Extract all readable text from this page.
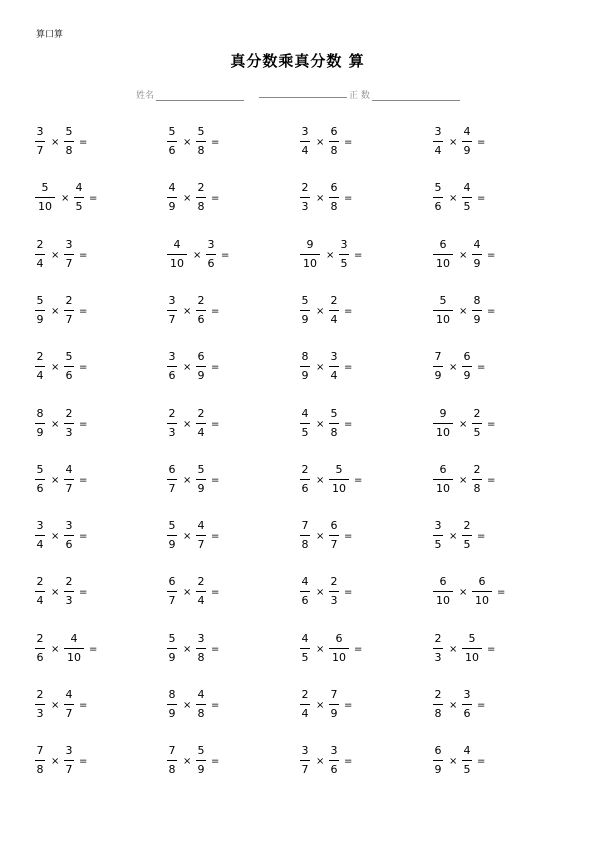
算口算
真分数乘真分数 算
姓名	正 数
3
7
×
5
8
=
5
6
×
5
8
=
3
4
×
6
8
=
3
4
×
4
9
=
5
10
×
4
5
=
4
9
×
2
8
=
2
3
×
6
8
=
5
6
×
4
5
=
2
4
×
3
7
=
4
10
×
3
6
=
9
10
×
3
5
=
6
10
×
4
9
=
5
9
×
2
7
=
3
7
×
2
6
=
5
9
×
2
4
=
5
10
×
8
9
=
2
4
×
5
6
=
3
6
×
6
9
=
8
9
×
3
4
=
7
9
×
6
9
=
8
9
×
2
3
=
2
3
×
2
4
=
4
5
×
5
8
=
9
10
×
2
5
=
5
6
×
4
7
=
6
7
×
5
9
=
2
6
×
5
10
=
6
10
×
2
8
=
3
4
×
3
6
=
5
9
×
4
7
=
7
8
×
6
7
=
3
5
×
2
5
=
2
4
×
2
3
=
6
7
×
2
4
=
4
6
×
2
3
=
6
10
×
6
10
=
2
6
×
4
10
=
5
9
×
3
8
=
4
5
×
6
10
=
2
3
×
5
10
=
2
3
×
4
7
=
8
9
×
4
8
=
2
4
×
7
9
=
2
8
×
3
6
=
7
8
×
3
7
=
7
8
×
5
9
=
3
7
×
3
6
=
6
9
×
4
5
=
